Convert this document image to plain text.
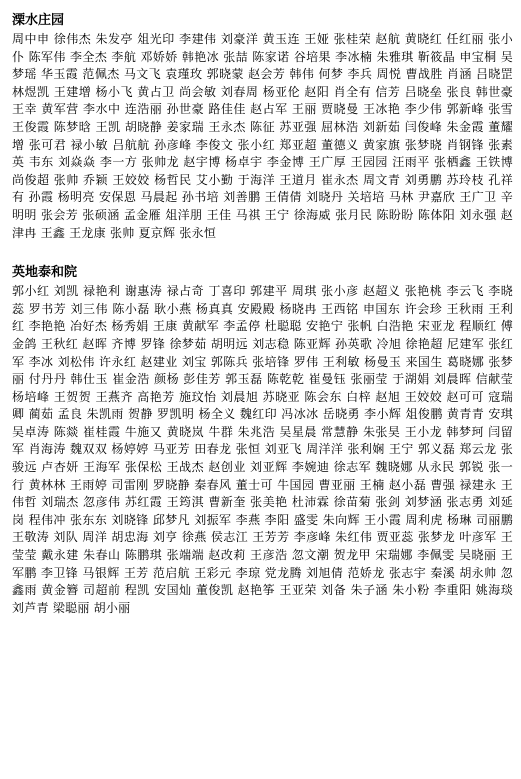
溧水庄园

周中申 徐伟杰 朱发亭 俎光印 李建伟 刘豪洋 黄玉连 王娅 张桂荣 赵航 黄晓红 任红丽 张小仆 陈军伟 李全杰 李航 邓娇娇 韩艳冰 张喆 陈家诺 谷培果 李冰楠 朱雅琪 靳筱晶 申宝桐 吴梦瑶 华玉霞 范佩杰 马文飞 袁瑾玫 郭晓蒙 赵会芳 韩伟 何梦 李兵 周悦 曹战胜 肖涵 吕晓罡 林煜凯 王建增 杨小飞 黄占卫 尚会敏 刘春周 杨亚伦 赵阳 肖全有 信芳 吕晓垒 张良 韩世豪 王幸 黄军营 李水中 连浩丽 孙世豪 路佳佳 赵占军 王丽 贾晓曼 王冰艳 李少伟 郭新峰 张雪 王俊霞 陈梦晗 王凯 胡晓静 姜家瑞 王永杰 陈征 苏亚强 屈林浩 刘新茹 闫俊峰 朱金霞 董耀增 张可君 禄小敏 吕航航 孙彦峰 李俊文 张小红 郑亚超 董德义 黄家旗 张梦晓 肖钢锋 张素英 韦东 刘焱焱 李一方 张帅龙 赵宇博 杨卓宇 李金博 王广厚 王园园 汪雨平 张栖鑫 王铁博 尚俊超 张帅 乔颖 王姣姣 杨哲民 艾小勤 于海洋 王道月 崔永杰 周文青 刘勇鹏 苏玲枝 孔祥有 孙霞 杨明亮 安保恩 马晨起 孙书培 刘善鹏 王倩倩 刘晓丹 关培培 马林 尹嘉欣 王广卫 辛明明 张会芳 张硕涵 孟金雁 俎洋朋 王佳 马祺 王宁 徐海威 张月民 陈盼盼 陈体阳 刘永强 赵津冉 王鑫 王龙康 张帅 夏京辉 张永恒

英地泰和院

郭小红 刘凯 禄艳利 谢惠涛 禄占奇 丁喜印 郭建平 周琪 张小彦 赵超义 张艳桃 李云飞 李晓蕊 罗书芳 刘三伟 陈小磊 耿小燕 杨真真 安殿殿 杨晓冉 王西铭 申国东 许会珍 王秋雨 王利红 李艳艳 冶好杰 杨秀娟 王康 黄献军 李孟停 杜聪聪 安艳宁 张帆 白浩艳 宋亚龙 程顺红 傅金鸽 王秋红 赵晖 齐博 罗锋 徐梦茹 胡明远 刘志稳 陈亚辉 孙英歌 冷旭 徐艳超 尼建军 张红军 李冰 刘松伟 许永红 赵建业 刘宝 郭陈兵 张培锋 罗伟 王利敏 杨曼玉 来国生 葛晓娜 张梦丽 付丹丹 韩仕玉 崔金浩 颜杨 彭佳芳 郭玉磊 陈乾乾 崔曼钰 张丽莹 于湖娟 刘晨晖 信献莹 杨培峰 王贺贺 王燕齐 高艳芳 施玟怡 刘晨旭 苏晓亚 陈会东 白梓 赵旭 王姣姣 赵可可 寇瑞卿 蔺茹 孟良 朱凯雨 贺静 罗凯明 杨全义 魏红印 冯冰冰 岳晓勇 李小辉 俎俊鹏 黄青青 安琪 吴卓涛 陈燚 崔桂霞 牛施又 黄晓岚 牛群 朱兆浩 吴星晨 常慧静 朱张昊 王小龙 韩梦珂 闫留军 肖海涛 魏双双 杨婷婷 马亚芳 田春龙 张恒 刘亚飞 周洋洋 张利娴 王宁 郭义磊 郑云龙 张骏远 卢杏妍 王海军 张保松 王战杰 赵创业 刘亚辉 李婉迪 徐志军 魏晓娜 从永民 郭锐 张一行 黄林林 王雨婷 司雷刚 罗晓静 秦春风 董士可 牛国园 曹亚丽 王楠 赵小磊 曹强 禄建永 王伟哲 刘瑞杰 忽彦伟 苏红霞 王筠淇 曹新奎 张美艳 杜沛霖 徐苗菊 张剑 刘梦涵 张志勇 刘延岗 程伟冲 张东东 刘晓锋 邱梦凡 刘振军 李燕 李阳 盛雯 朱向辉 王小霞 周利虎 杨琳 司丽鹏 王敬涛 刘队 周洋 胡忠海 刘亨 徐燕 侯志江 王芳芳 李彦峰 朱红伟 贾亚蕊 张梦龙 叶彦军 王莹莹 戴永建 朱春山 陈鹏琪 张端端 赵改莉 王彦浩 忽文潮 贺龙甲 宋瑞娜 李佩雯 吴晓丽 王军鹏 李卫锋 马银辉 王芳 范启航 王彩元 李琼 党龙腾 刘旭倩 范娇龙 张志宇 秦溪 胡永帅 忽鑫雨 黄金簪 司超前 程凯 安国灿 董俊凯 赵艳筝 王亚荣 刘备 朱子涵 朱小粉 李重阳 姚海琰 刘芦青 梁聪丽 胡小丽
